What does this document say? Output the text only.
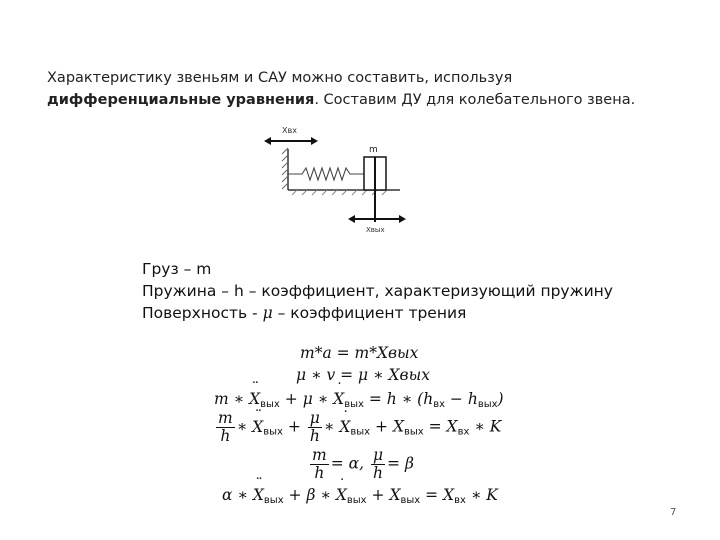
Характеристику звеньям и САУ можно составить, используя дифференциальные уравнения. Составим ДУ для колебательного звена.
m
Xвх
Xвых
Груз – m
Пружина – h – коэффициент, характеризующий пружину
Поверхность - μ – коэффициент трения
m*a = m*Xвых
μ ∗ v = μ ∗ Xвых
m ∗ ¨ $X_{вых} + \mu$ ∗ ˙ $X_{вых} = h$ ∗ $(h_{вх} - h_{вых})$
$\frac{m}{h}$ ∗ ¨ $X_{вых} + \frac{\mu}{h}$ ∗ ˙ $X_{вых} + X_{вых} = X_{вх}$ ∗ K
$\frac{m}{h} = \alpha$, $\frac{\mu}{h} = \beta$
α ∗ ¨ $X_{вых} + \beta$ ∗ ˙ $X_{вых} + X_{вых} = X_{вх}$ ∗ K
7
